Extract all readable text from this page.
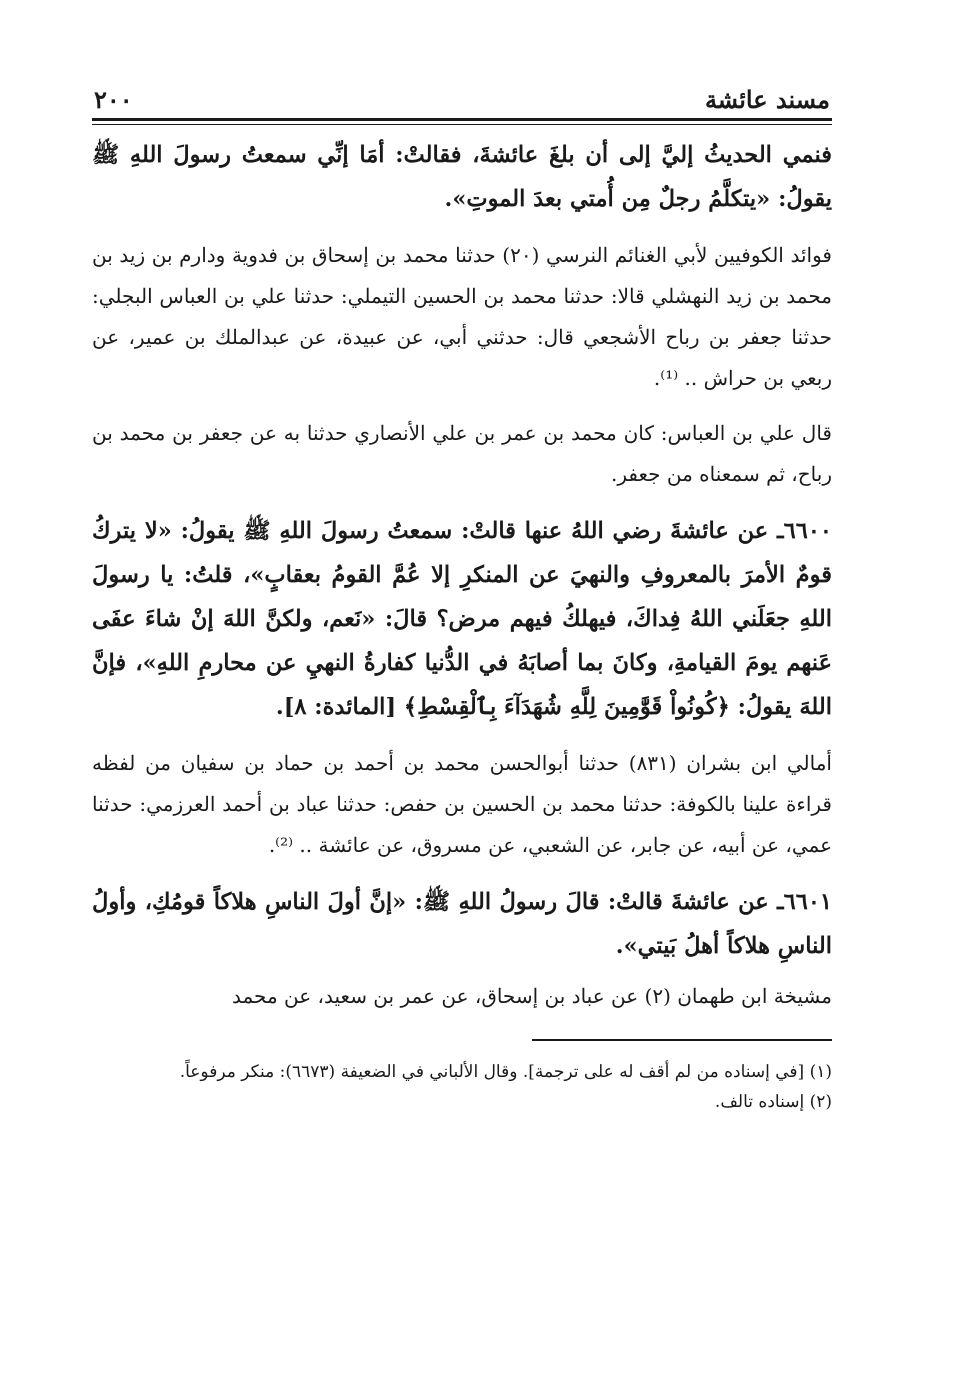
مسند عائشة
٢٠٠

فنمي الحديثُ إليَّ إلى أن بلغَ عائشةَ، فقالتْ: أمَا إنِّي سمعتُ رسولَ اللهِ ﷺ يقولُ: «يتكلَّمُ رجلٌ مِن أُمتي بعدَ الموتِ».

فوائد الكوفيين لأبي الغنائم النرسي (٢٠) حدثنا محمد بن إسحاق بن فدوية ودارم بن زيد بن محمد بن زيد النهشلي قالا: حدثنا محمد بن الحسين التيملي: حدثنا علي بن العباس البجلي: حدثنا جعفر بن رباح الأشجعي قال: حدثني أبي، عن عبيدة، عن عبدالملك بن عمير، عن ربعي بن حراش .. ⁽¹⁾.

قال علي بن العباس: كان محمد بن عمر بن علي الأنصاري حدثنا به عن جعفر بن محمد بن رباح، ثم سمعناه من جعفر.

٦٦٠٠ـ عن عائشةَ رضي اللهُ عنها قالتْ: سمعتُ رسولَ اللهِ ﷺ يقولُ: «لا يتركُ قومٌ الأمرَ بالمعروفِ والنهيَ عن المنكرِ إلا عُمَّ القومُ بعقابٍ»، قلتُ: يا رسولَ اللهِ جعَلَني اللهُ فِداكَ، فيهلكُ فيهم مرض؟ قالَ: «نَعم، ولكنَّ اللهَ إنْ شاءَ عفَى عَنهم يومَ القيامةِ، وكانَ بما أصابَهُ في الدُّنيا كفارةُ النهيِ عن محارمِ اللهِ»، فإنَّ اللهَ يقولُ: ﴿كُونُواْ قَوَّٰمِينَ لِلَّهِ شُهَدَآءَ بِٱلْقِسْطِ﴾ [المائدة: ٨].

أمالي ابن بشران (٨٣١) حدثنا أبوالحسن محمد بن أحمد بن حماد بن سفيان من لفظه قراءة علينا بالكوفة: حدثنا محمد بن الحسين بن حفص: حدثنا عباد بن أحمد العرزمي: حدثنا عمي، عن أبيه، عن جابر، عن الشعبي، عن مسروق، عن عائشة .. ⁽²⁾.

٦٦٠١ـ عن عائشةَ قالتْ: قالَ رسولُ اللهِ ﷺ: «إنَّ أولَ الناسِ هلاكاً قومُكِ، وأولُ الناسِ هلاكاً أهلُ بَيتي».

مشيخة ابن طهمان (٢) عن عباد بن إسحاق، عن عمر بن سعيد، عن محمد

(١) [في إسناده من لم أقف له على ترجمة]. وقال الألباني في الضعيفة (٦٦٧٣): منكر مرفوعاً.

(٢) إسناده تالف.
